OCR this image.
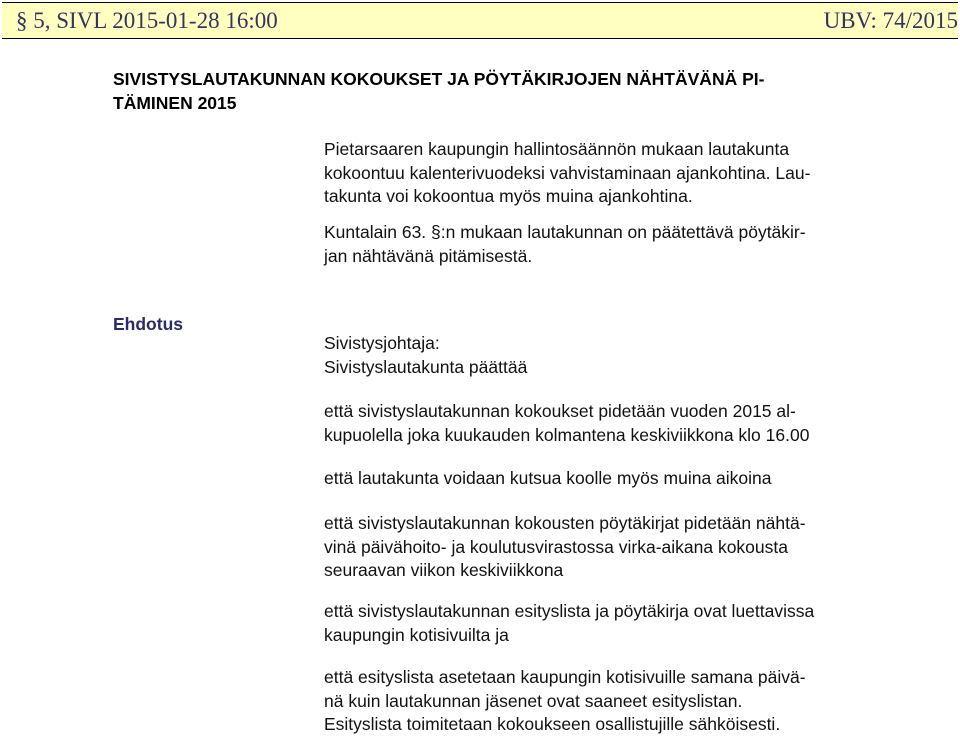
§ 5, SIVL 2015-01-28 16:00	UBV: 74/2015
SIVISTYSLAUTAKUNNAN KOKOUKSET JA PÖYTÄKIRJOJEN NÄHTÄVÄNÄ PI-
TÄMINEN 2015
Pietarsaaren kaupungin hallintosäännön mukaan lautakunta
kokoontuu kalenterivuodeksi vahvistaminaan ajankohtina. Lau-
takunta voi kokoontua myös muina ajankohtina.
Kuntalain 63. §:n mukaan lautakunnan on päätettävä pöytäkir-
jan nähtävänä pitämisestä.
Ehdotus
Sivistysjohtaja:
Sivistyslautakunta päättää
että sivistyslautakunnan kokoukset pidetään vuoden 2015 al-
kupuolella joka kuukauden kolmantena keskiviikkona klo 16.00
että lautakunta voidaan kutsua koolle myös muina aikoina
että sivistyslautakunnan kokousten pöytäkirjat pidetään nähtä-
vinä päivähoito- ja koulutusvirastossa virka-aikana kokousta
seuraavan viikon keskiviikkona
että sivistyslautakunnan esityslista ja pöytäkirja ovat luettavissa
kaupungin kotisivuilta ja
että esityslista asetetaan kaupungin kotisivuille samana päivä-
nä kuin lautakunnan jäsenet ovat saaneet esityslistan.
Esityslista toimitetaan kokoukseen osallistujille sähköisesti.
